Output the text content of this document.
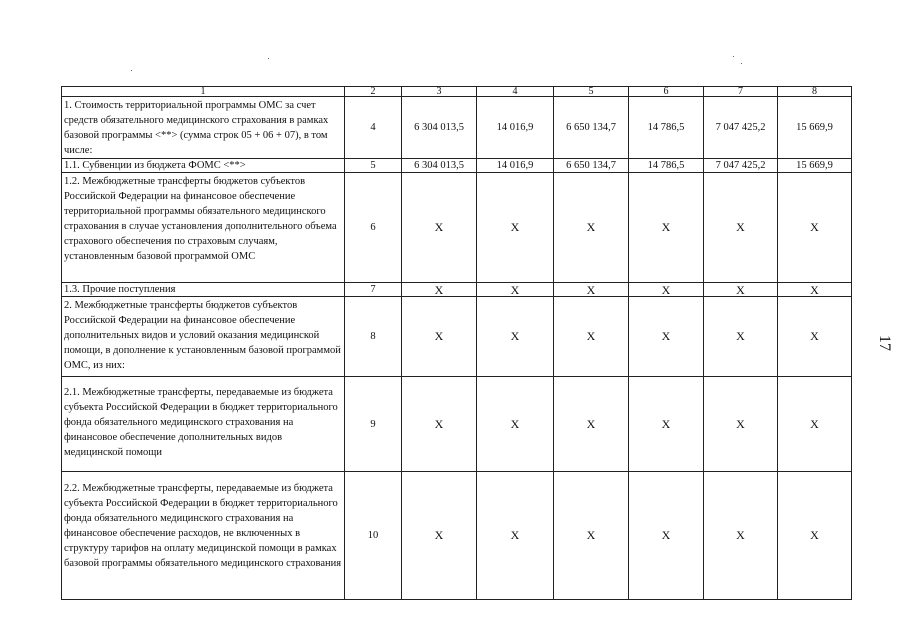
1	2	3	4	5	6	7	8
1. Стоимость территориальной программы ОМС за счет средств обязательного медицинского страхования в рамках базовой программы <**> (сумма строк 05 + 06 + 07), в том числе:	4	6 304 013,5	14 016,9	6 650 134,7	14 786,5	7 047 425,2	15 669,9
1.1. Субвенции из бюджета ФОМС <**>	5	6 304 013,5	14 016,9	6 650 134,7	14 786,5	7 047 425,2	15 669,9
1.2. Межбюджетные трансферты бюджетов субъектов Российской Федерации на финансовое обеспечение территориальной программы обязательного медицинского страхования в случае установления дополнительного объема страхового обеспечения по страховым случаям, установленным базовой программой ОМС	6	X	X	X	X	X	X
1.3. Прочие поступления	7	X	X	X	X	X	X
2. Межбюджетные трансферты бюджетов субъектов Российской Федерации на финансовое обеспечение дополнительных видов и условий оказания медицинской помощи, в дополнение к установленным базовой программой ОМС, из них:	8	X	X	X	X	X	X
2.1. Межбюджетные трансферты, передаваемые из бюджета субъекта Российской Федерации в бюджет территориального фонда обязательного медицинского страхования на финансовое обеспечение дополнительных видов медицинской помощи	9	X	X	X	X	X	X
2.2. Межбюджетные трансферты, передаваемые из бюджета субъекта Российской Федерации в бюджет территориального фонда обязательного медицинского страхования на финансовое обеспечение расходов, не включенных в структуру тарифов на оплату медицинской помощи в рамках базовой программы обязательного медицинского страхования	10	X	X	X	X	X	X
17
